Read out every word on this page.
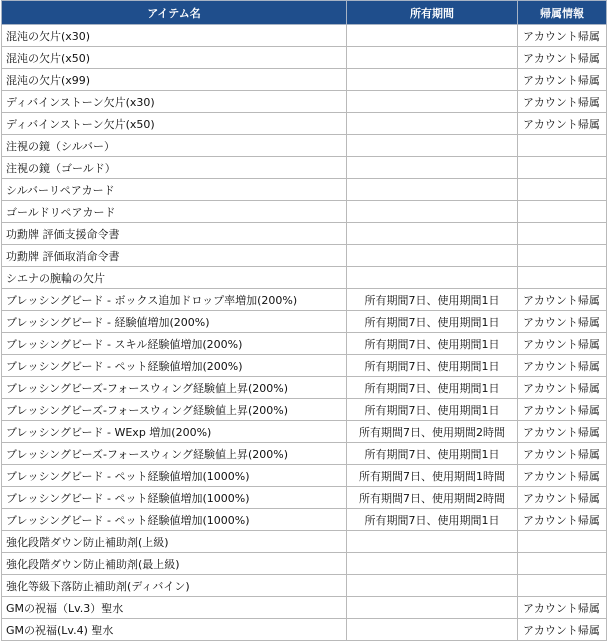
アイテム名	所有期間	帰属情報
混沌の欠片(x30)		アカウント帰属
混沌の欠片(x50)		アカウント帰属
混沌の欠片(x99)		アカウント帰属
ディバインストーン欠片(x30)		アカウント帰属
ディバインストーン欠片(x50)		アカウント帰属
注視の鏡（シルバー）		
注視の鏡（ゴールド）		
シルバーリペアカード		
ゴールドリペアカード		
功勳牌 評価支援命令書		
功勳牌 評価取消命令書		
シエナの腕輪の欠片		
ブレッシングビード - ボックス追加ドロップ率増加(200%)	所有期間7日、使用期間1日	アカウント帰属
ブレッシングビード - 経験値増加(200%)	所有期間7日、使用期間1日	アカウント帰属
ブレッシングビード - スキル経験値増加(200%)	所有期間7日、使用期間1日	アカウント帰属
ブレッシングビード - ペット経験値増加(200%)	所有期間7日、使用期間1日	アカウント帰属
ブレッシングビーズ-フォースウィング経験値上昇(200%)	所有期間7日、使用期間1日	アカウント帰属
ブレッシングビーズ-フォースウィング経験値上昇(200%)	所有期間7日、使用期間1日	アカウント帰属
ブレッシングビード - WExp 増加(200%)	所有期間7日、使用期間2時間	アカウント帰属
ブレッシングビーズ-フォースウィング経験値上昇(200%)	所有期間7日、使用期間1日	アカウント帰属
ブレッシングビード - ペット経験値増加(1000%)	所有期間7日、使用期間1時間	アカウント帰属
ブレッシングビード - ペット経験値増加(1000%)	所有期間7日、使用期間2時間	アカウント帰属
ブレッシングビード - ペット経験値増加(1000%)	所有期間7日、使用期間1日	アカウント帰属
強化段階ダウン防止補助剤(上級)		
強化段階ダウン防止補助剤(最上級)		
強化等級下落防止補助剤(ディバイン)		
GMの祝福（Lv.3）聖水		アカウント帰属
GMの祝福(Lv.4) 聖水		アカウント帰属
